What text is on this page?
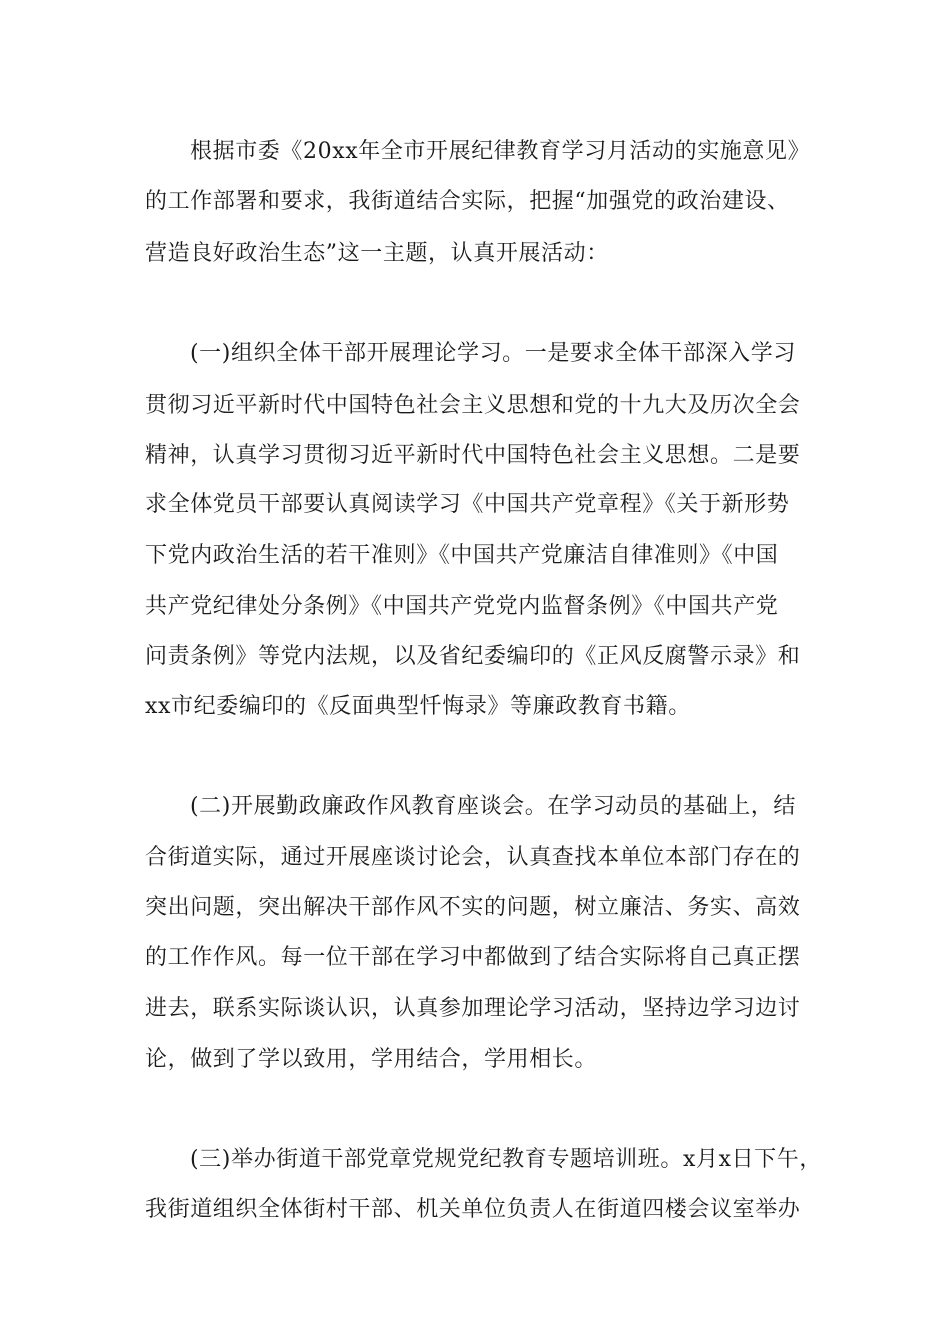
根据市委《20xx年全市开展纪律教育学习月活动的实施意见》

的工作部署和要求，我街道结合实际，把握“加强党的政治建设、

营造良好政治生态”这一主题，认真开展活动：

(一)组织全体干部开展理论学习。一是要求全体干部深入学习

贯彻习近平新时代中国特色社会主义思想和党的十九大及历次全会

精神，认真学习贯彻习近平新时代中国特色社会主义思想。二是要

求全体党员干部要认真阅读学习《中国共产党章程》《关于新形势

下党内政治生活的若干准则》《中国共产党廉洁自律准则》《中国

共产党纪律处分条例》《中国共产党党内监督条例》《中国共产党

问责条例》等党内法规，以及省纪委编印的《正风反腐警示录》和

xx市纪委编印的《反面典型忏悔录》等廉政教育书籍。

(二)开展勤政廉政作风教育座谈会。在学习动员的基础上，结

合街道实际，通过开展座谈讨论会，认真查找本单位本部门存在的

突出问题，突出解决干部作风不实的问题，树立廉洁、务实、高效

的工作作风。每一位干部在学习中都做到了结合实际将自己真正摆

进去，联系实际谈认识，认真参加理论学习活动，坚持边学习边讨

论，做到了学以致用，学用结合，学用相长。

(三)举办街道干部党章党规党纪教育专题培训班。x月x日下午，

我街道组织全体街村干部、机关单位负责人在街道四楼会议室举办
